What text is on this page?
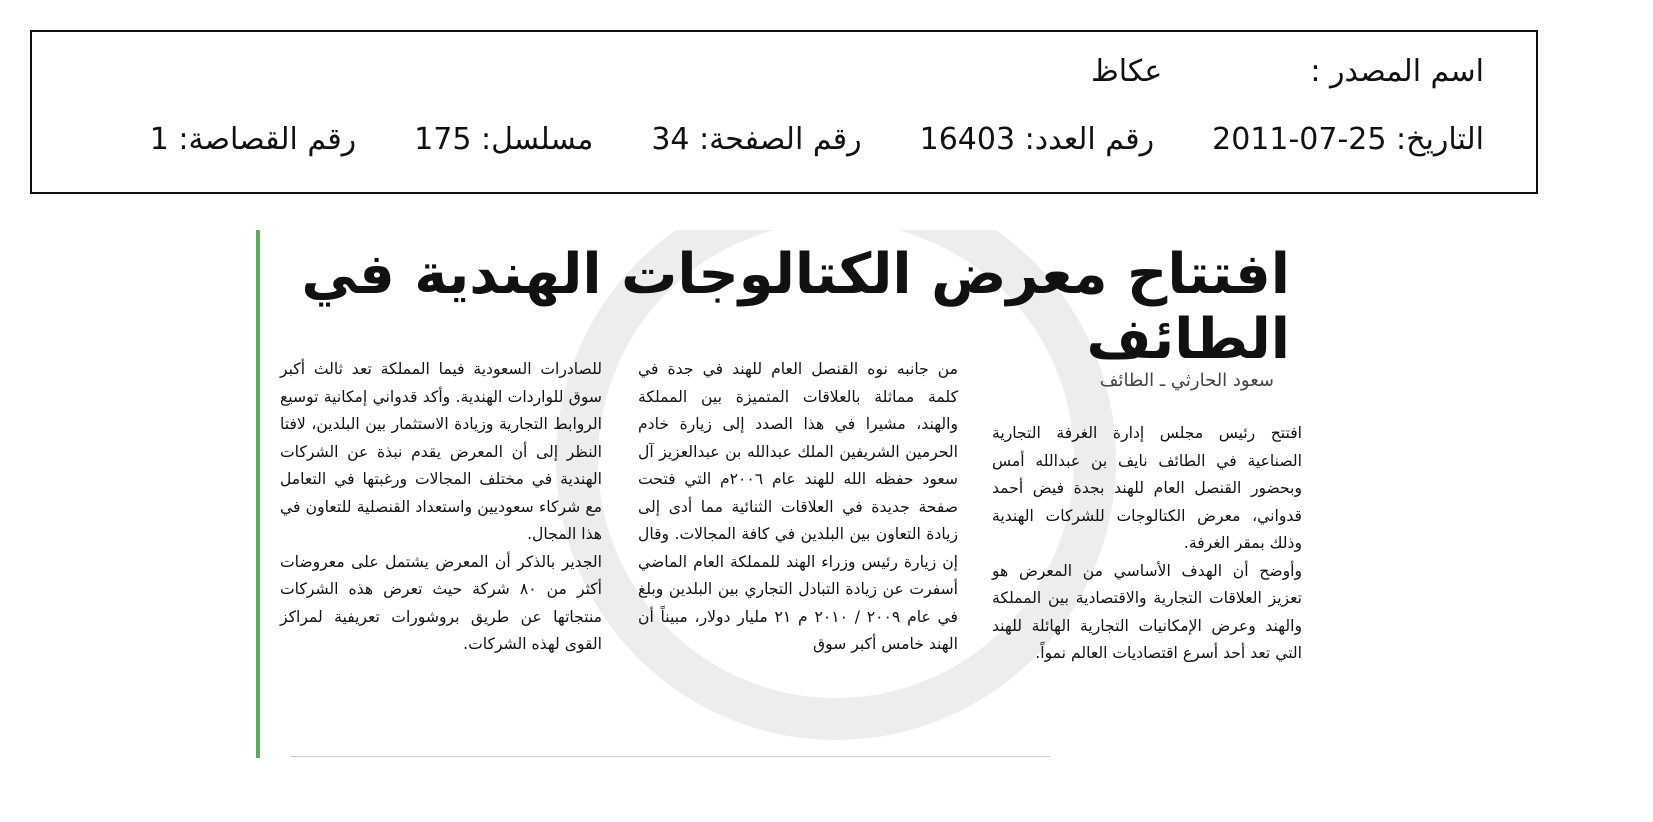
اسم المصدر :
عكاظ
التاريخ:

2011-07-25
رقم العدد:

16403
رقم الصفحة:

34
مسلسل:

175
رقم القصاصة:

1
افتتاح معرض الكتالوجات الهندية في الطائف
سعود الحارثي ـ الطائف

افتتح رئيس مجلس إدارة الغرفة التجارية الصناعية في الطائف نايف بن عبدالله أمس وبحضور القنصل العام للهند بجدة فيض أحمد قدواني، معرض الكتالوجات للشركات الهندية وذلك بمقر الغرفة.

وأوضح أن الهدف الأساسي من المعرض هو تعزيز العلاقات التجارية والاقتصادية بين المملكة والهند وعرض الإمكانيات التجارية الهائلة للهند التي تعد أحد أسرع اقتصاديات العالم نمواً.

من جانبه نوه القنصل العام للهند في جدة في كلمة مماثلة بالعلاقات المتميزة بين المملكة والهند، مشيرا في هذا الصدد إلى زيارة خادم الحرمين الشريفين الملك عبدالله بن عبدالعزيز آل سعود حفظه الله للهند عام ٢٠٠٦م التي فتحت صفحة جديدة في العلاقات الثنائية مما أدى إلى زيادة التعاون بين البلدين في كافة المجالات. وقال إن زيارة رئيس وزراء الهند للمملكة العام الماضي أسفرت عن زيادة التبادل التجاري بين البلدين وبلغ في عام ٢٠٠٩ / ٢٠١٠ م ٢١ مليار دولار، مبيناً أن الهند خامس أكبر سوق

للصادرات السعودية فيما المملكة تعد ثالث أكبر سوق للواردات الهندية. وأكد قدواني إمكانية توسيع الروابط التجارية وزيادة الاستثمار بين البلدين، لافتا النظر إلى أن المعرض يقدم نبذة عن الشركات الهندية في مختلف المجالات ورغبتها في التعامل مع شركاء سعوديين واستعداد القنصلية للتعاون في هذا المجال.

الجدير بالذكر أن المعرض يشتمل على معروضات أكثر من ٨٠ شركة حيث تعرض هذه الشركات منتجاتها عن طريق بروشورات تعريفية لمراكز القوى لهذه الشركات.
